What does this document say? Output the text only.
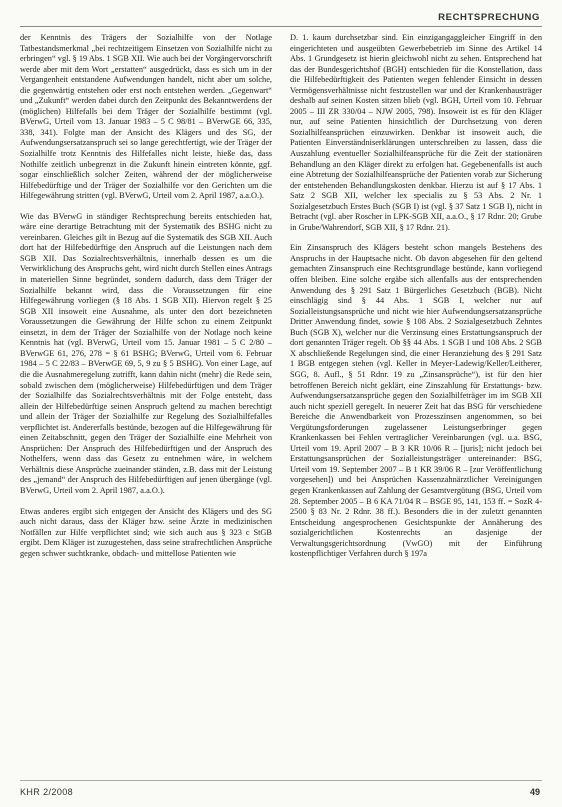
RECHTSPRECHUNG

der Kenntnis des Trägers der Sozialhilfe von der Notlage Tatbestandsmerkmal „bei rechtzeitigem Einsetzen von Sozialhilfe nicht zu erbringen“ vgl. § 19 Abs. 1 SGB XII. Wie auch bei der Vorgängervorschrift werde aber mit dem Wort „erstatten“ ausgedrückt, dass es sich um in der Vergangenheit entstandene Aufwendungen handelt, nicht aber um solche, die gegenwärtig entstehen oder erst noch entstehen werden. „Gegenwart“ und „Zukunft“ werden dabei durch den Zeitpunkt des Bekanntwerdens der (möglichen) Hilfefalls bei dem Träger der Sozialhilfe bestimmt (vgl. BVerwG, Urteil vom 13. Januar 1983 – 5 C 98/81 – BVerwGE 66, 335, 338, 341). Folgte man der Ansicht des Klägers und des SG, der Aufwendungsersatzanspruch sei so lange gerechtfertigt, wie der Träger der Sozialhilfe trotz Kenntnis des Hilfefalles nicht leiste, hieße das, dass Nothilfe zeitlich unbegrenzt in die Zukunft hinein eintreten könnte, ggf. sogar einschließlich solcher Zeiten, während der der möglicherweise Hilfebedürftige und der Träger der Sozialhilfe vor den Gerichten um die Hilfegewährung stritten (vgl. BVerwG, Urteil vom 2. April 1987, a.a.O.).

Wie das BVerwG in ständiger Rechtsprechung bereits entschieden hat, wäre eine derartige Betrachtung mit der Systematik des BSHG nicht zu vereinbaren. Gleiches gilt in Bezug auf die Systematik des SGB XII. Auch dort hat der Hilfebedürftige den Anspruch auf die Leistungen nach dem SGB XII. Das Sozialrechtsverhältnis, innerhalb dessen es um die Verwirklichung des Anspruchs geht, wird nicht durch Stellen eines Antrags in materiellen Sinne begründet, sondern dadurch, dass dem Träger der Sozialhilfe bekannt wird, dass die Voraussetzungen für eine Hilfegewährung vorliegen (§ 18 Abs. 1 SGB XII). Hiervon regelt § 25 SGB XII insoweit eine Ausnahme, als unter den dort bezeichneten Voraussetzungen die Gewährung der Hilfe schon zu einem Zeitpunkt einsetzt, in dem der Träger der Sozialhilfe von der Notlage noch keine Kenntnis hat (vgl. BVerwG, Urteil vom 15. Januar 1981 – 5 C 2/80 – BVerwGE 61, 276, 278 = § 61 BSHG; BVerwG, Urteil vom 6. Februar 1984 – 5 C 22/83 – BVerwGE 69, 5, 9 zu § 5 BSHG). Von einer Lage, auf die die Ausnahmeregelung zutrifft, kann dahin nicht (mehr) die Rede sein, sobald zwischen dem (möglicherweise) Hilfebedürftigen und dem Träger der Sozialhilfe das Sozialrechtsverhältnis mit der Folge entsteht, dass allein der Hilfebedürftige seinen Anspruch geltend zu machen berechtigt und allein der Träger der Sozialhilfe zur Regelung des Sozialhilfefalles verpflichtet ist. Andererfalls bestünde, bezogen auf die Hilfegewährung für einen Zeitabschnitt, gegen den Träger der Sozialhilfe eine Mehrheit von Ansprüchen: Der Anspruch des Hilfebedürftigen und der Anspruch des Nothelfers, wenn dass das Gesetz zu entnehmen wäre, in welchem Verhältnis diese Ansprüche zueinander ständen, z.B. dass mit der Leistung des „jemand“ der Anspruch des Hilfebedürftigen auf jenen übergänge (vgl. BVerwG, Urteil vom 2. April 1987, a.a.O.).

Etwas anderes ergibt sich entgegen der Ansicht des Klägers und des SG auch nicht daraus, dass der Kläger bzw. seine Ärzte in medizinischen Notfällen zur Hilfe verpflichtet sind; wie sich auch aus § 323 c StGB ergibt. Dem Kläger ist zuzugestehen, dass seine strafrechtlichen Ansprüche gegen schwer suchtkranke, obdach- und mittellose Patienten wie

D. 1. kaum durchsetzbar sind. Ein einzigangaggleicher Eingriff in den eingerichteten und ausgeübten Gewerbebetrieb im Sinne des Artikel 14 Abs. 1 Grundgesetz ist hierin gleichwohl nicht zu sehen. Entsprechend hat das der Bundesgerichtshof (BGH) entschieden für die Konstellation, dass die Hilfebedürftigkeit des Patienten wegen fehlender Einsicht in dessen Vermögensverhältnisse nicht festzustellen war und der Krankenhausträger deshalb auf seinen Kosten sitzen blieb (vgl. BGH, Urteil vom 10. Februar 2005 – III ZR 330/04 – NJW 2005, 798). Insoweit ist es für den Kläger nur, auf seine Patienten hinsichtlich der Durchsetzung von deren Sozialhilfeansprüchen einzuwirken. Denkbar ist insoweit auch, die Patienten Einverständniserklärungen unterschreiben zu lassen, dass die Auszahlung eventueller Sozialhilfeansprüche für die Zeit der stationären Behandlung an den Kläger direkt zu erfolgen hat. Gegebenenfalls ist auch eine Abtretung der Sozialhilfeansprüche der Patienten vorab zur Sicherung der entstehenden Behandlungskosten denkbar. Hierzu ist auf § 17 Abs. 1 Satz 2 SGB XII, welcher lex specialis zu § 53 Abs. 2 Nr. 1 Sozialgesetzbuch Erstes Buch (SGB I) ist (vgl. § 37 Satz 1 SGB I), nicht in Betracht (vgl. aber Roscher in LPK-SGB XII, a.a.O., § 17 Rdnr. 20; Grube in Grube/Wahrendorf, SGB XII, § 17 Rdnr. 21).

Ein Zinsanspruch des Klägers besteht schon mangels Bestehens des Anspruchs in der Hauptsache nicht. Ob davon abgesehen für den geltend gemachten Zinsanspruch eine Rechtsgrundlage bestünde, kann vorliegend offen bleiben. Eine solche ergäbe sich allenfalls aus der entsprechenden Anwendung des § 291 Satz 1 Bürgerliches Gesetzbuch (BGB). Nicht einschlägig sind § 44 Abs. 1 SGB I, welcher nur auf Sozialleistungsansprüche und nicht wie hier Aufwendungsersatzansprüche Dritter Anwendung findet, sowie § 108 Abs. 2 Sozialgesetzbuch Zehntes Buch (SGB X), welcher nur die Verzinsung eines Erstattungsanspruch der dort genannten Träger regelt. Ob §§ 44 Abs. 1 SGB I und 108 Abs. 2 SGB X abschließende Regelungen sind, die einer Heranziehung des § 291 Satz 1 BGB entgegen stehen (vgl. Keller in Meyer-Ladewig/Keller/Leitherer, SGG, 8. Aufl., § 51 Rdnr. 19 zu „Zinsansprüche“), ist für den hier betroffenen Bereich nicht geklärt, eine Zinszahlung für Erstattungs- bzw. Aufwendungsersatzansprüche gegen den Sozialhilfeträger im im SGB XII auch nicht speziell geregelt. In neuerer Zeit hat das BSG für verschiedene Bereiche die Anwendbarkeit von Prozesszinsen angenommen, so bei Vergütungsforderungen zugelassener Leistungserbringer gegen Krankenkassen bei Fehlen vertraglicher Vereinbarungen (vgl. u.a. BSG, Urteil vom 19. April 2007 – B 3 KR 10/06 R – [juris]; nicht jedoch bei Erstattungsansprüchen der Sozialleistungsträger untereinander: BSG, Urteil vom 19. September 2007 – B 1 KR 39/06 R – [zur Veröffentlichung vorgesehen]) und bei Ansprüchen Kassenzahnärztlicher Vereinigungen gegen Krankenkassen auf Zahlung der Gesamtvergütung (BSG, Urteil vom 28. September 2005 – B 6 KA 71/04 R – BSGE 95, 141, 153 ff. = SozR 4-2500 § 83 Nr. 2 Rdnr. 38 ff.). Besonders die in der zuletzt genannten Entscheidung angesprochenen Gesichtspunkte der Annäherung des sozialgerichtlichen Kostenrechts an dasjenige der Verwaltungsgerichtsordnung (VwGO) mit der Einführung kostenpflichtiger Verfahren durch § 197a

KHR 2/2008	49
